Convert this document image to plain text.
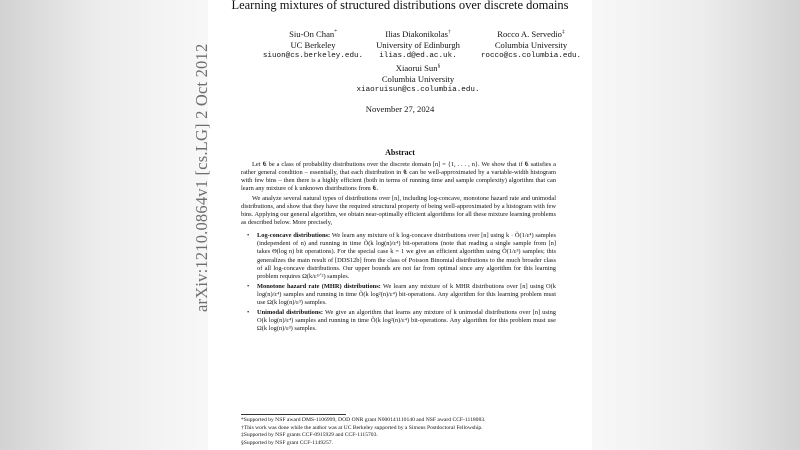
arXiv:1210.0864v1 [cs.LG] 2 Oct 2012
Learning mixtures of structured distributions over discrete domains
Siu-On Chan*
UC Berkeley
siuon@cs.berkeley.edu.
Ilias Diakonikolas†
University of Edinburgh
ilias.d@ed.ac.uk.
Rocco A. Servedio‡
Columbia University
rocco@cs.columbia.edu.
Xiaorui Sun§
Columbia University
xiaoruisun@cs.columbia.edu.
November 27, 2024
Abstract

Let 𝕮 be a class of probability distributions over the discrete domain [n] = {1, . . . , n}. We show that if 𝕮 satisfies a rather general condition – essentially, that each distribution in 𝕮 can be well-approximated by a variable-width histogram with few bins – then there is a highly efficient (both in terms of running time and sample complexity) algorithm that can learn any mixture of k unknown distributions from 𝕮.

We analyze several natural types of distributions over [n], including log-concave, monotone hazard rate and unimodal distributions, and show that they have the required structural property of being well-approximated by a histogram with few bins. Applying our general algorithm, we obtain near-optimally efficient algorithms for all these mixture learning problems as described below. More precisely,

• Log-concave distributions: We learn any mixture of k log-concave distributions over [n] using k · Õ(1/ε⁴) samples (independent of n) and running in time Õ(k log(n)/ε⁴) bit-operations (note that reading a single sample from [n] takes Θ(log n) bit operations). For the special case k = 1 we give an efficient algorithm using Õ(1/ε³) samples; this generalizes the main result of [DDS12b] from the class of Poisson Binomial distributions to the much broader class of all log-concave distributions. Our upper bounds are not far from optimal since any algorithm for this learning problem requires Ω(k/ε⁵ᐟ²) samples.
• Monotone hazard rate (MHR) distributions: We learn any mixture of k MHR distributions over [n] using O(k log(n)/ε⁴) samples and running in time Õ(k log²(n)/ε⁴) bit-operations. Any algorithm for this learning problem must use Ω(k log(n)/ε³) samples.
• Unimodal distributions: We give an algorithm that learns any mixture of k unimodal distributions over [n] using O(k log(n)/ε⁴) samples and running in time Õ(k log²(n)/ε⁴) bit-operations. Any algorithm for this problem must use Ω(k log(n)/ε³) samples.
*Supported by NSF award DMS-1106999, DOD ONR grant N000141110140 and NSF award CCF-1118083.
†This work was done while the author was at UC Berkeley supported by a Simons Postdoctoral Fellowship.
‡Supported by NSF grants CCF-0915929 and CCF-1115703.
§Supported by NSF grant CCF-1149257.
